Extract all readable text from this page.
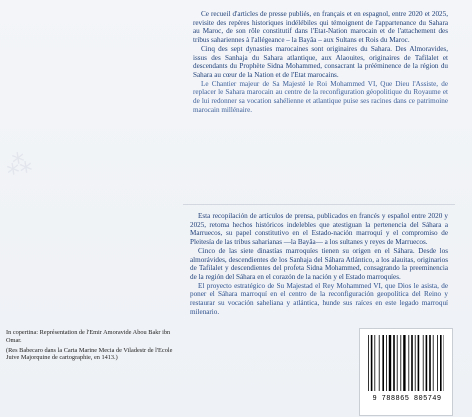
⁂

Ce recueil d'articles de presse publiés, en français et en espagnol, entre 2020 et 2025, revisite des repères historiques indélébiles qui témoignent de l'appartenance du Sahara au Maroc, de son rôle constitutif dans l'Etat-Nation marocain et de l'attachement des tribus sahariennes à l'allégeance – la Bayâa – aux Sultans et Rois du Maroc.

Cinq des sept dynasties marocaines sont originaires du Sahara. Des Almoravides, issus des Sanhaja du Sahara atlantique, aux Alaouites, originaires de Tafilalet et descendants du Prophète Sidna Mohammed, consacrant la prééminence de la région du Sahara au cœur de la Nation et de l'Etat marocains.

Le Chantier majeur de Sa Majesté le Roi Mohammed VI, Que Dieu l'Assiste, de replacer le Sahara marocain au centre de la reconfiguration géopolitique du Royaume et de lui redonner sa vocation sahélienne et atlantique puise ses racines dans ce patrimoine marocain millénaire.

Esta recopilación de artículos de prensa, publicados en francés y español entre 2020 y 2025, retoma hechos históricos indelebles que atestiguan la pertenencia del Sáhara a Marruecos, su papel constitutivo en el Estado-nación marroquí y el compromiso de Pleitesía de las tribus saharianas —la Bayâa— a los sultanes y reyes de Marruecos.

Cinco de las siete dinastías marroquíes tienen su origen en el Sáhara. Desde los almorávides, descendientes de los Sanhaja del Sáhara Atlántico, a los alauitas, originarios de Tafilalet y descendientes del profeta Sidna Mohammed, consagrando la preeminencia de la región del Sáhara en el corazón de la nación y el Estado marroquíes.

El proyecto estratégico de Su Majestad el Rey Mohammed VI, que Dios le asista, de poner el Sáhara marroquí en el centro de la reconfiguración geopolítica del Reino y restaurar su vocación saheliana y atlántica, hunde sus raíces en este legado marroquí milenario.

In copertina: Représentation de l'Emir Amoravide Abou Bakr ibn Omar.
(Res Babecaro dans la Carta Marine Mecia de Viladestr de l'Ecole Juive Majorquine de cartographie, en 1413.)
9 788865 805749
